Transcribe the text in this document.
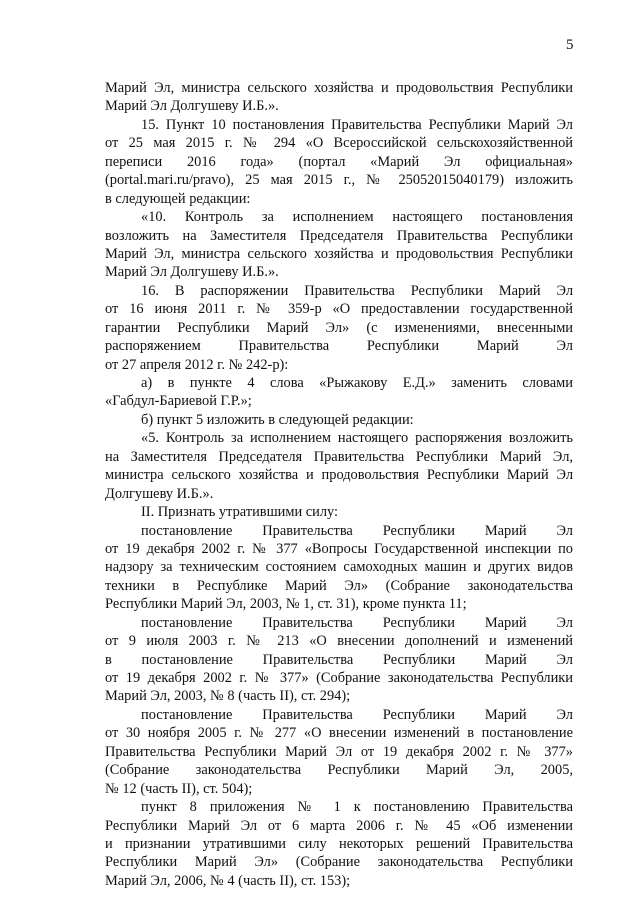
5
Марий Эл, министра сельского хозяйства и продовольствия Республики
Марий Эл Долгушеву И.Б.».
15. Пункт 10 постановления Правительства Республики Марий Эл
от 25 мая 2015 г. № 294 «О Всероссийской сельскохозяйственной
переписи 2016 года» (портал «Марий Эл официальная»
(portal.mari.ru/pravo), 25 мая 2015 г., № 25052015040179) изложить
в следующей редакции:
«10. Контроль за исполнением настоящего постановления
возложить на Заместителя Председателя Правительства Республики
Марий Эл, министра сельского хозяйства и продовольствия Республики
Марий Эл Долгушеву И.Б.».
16. В распоряжении Правительства Республики Марий Эл
от 16 июня 2011 г. № 359-р «О предоставлении государственной
гарантии Республики Марий Эл» (с изменениями, внесенными
распоряжением Правительства Республики Марий Эл
от 27 апреля 2012 г. № 242-р):
а) в пункте 4 слова «Рыжакову Е.Д.» заменить словами
«Габдул-Бариевой Г.Р.»;
б) пункт 5 изложить в следующей редакции:
«5. Контроль за исполнением настоящего распоряжения возложить
на Заместителя Председателя Правительства Республики Марий Эл,
министра сельского хозяйства и продовольствия Республики Марий Эл
Долгушеву И.Б.».
II. Признать утратившими силу:
постановление Правительства Республики Марий Эл
от 19 декабря 2002 г. № 377 «Вопросы Государственной инспекции по
надзору за техническим состоянием самоходных машин и других видов
техники в Республике Марий Эл» (Собрание законодательства
Республики Марий Эл, 2003, № 1, ст. 31), кроме пункта 11;
постановление Правительства Республики Марий Эл
от 9 июля 2003 г. № 213 «О внесении дополнений и изменений
в постановление Правительства Республики Марий Эл
от 19 декабря 2002 г. № 377» (Собрание законодательства Республики
Марий Эл, 2003, № 8 (часть II), ст. 294);
постановление Правительства Республики Марий Эл
от 30 ноября 2005 г. № 277 «О внесении изменений в постановление
Правительства Республики Марий Эл от 19 декабря 2002 г. № 377»
(Собрание законодательства Республики Марий Эл, 2005,
№ 12 (часть II), ст. 504);
пункт 8 приложения № 1 к постановлению Правительства
Республики Марий Эл от 6 марта 2006 г. № 45 «Об изменении
и признании утратившими силу некоторых решений Правительства
Республики Марий Эл» (Собрание законодательства Республики
Марий Эл, 2006, № 4 (часть II), ст. 153);
